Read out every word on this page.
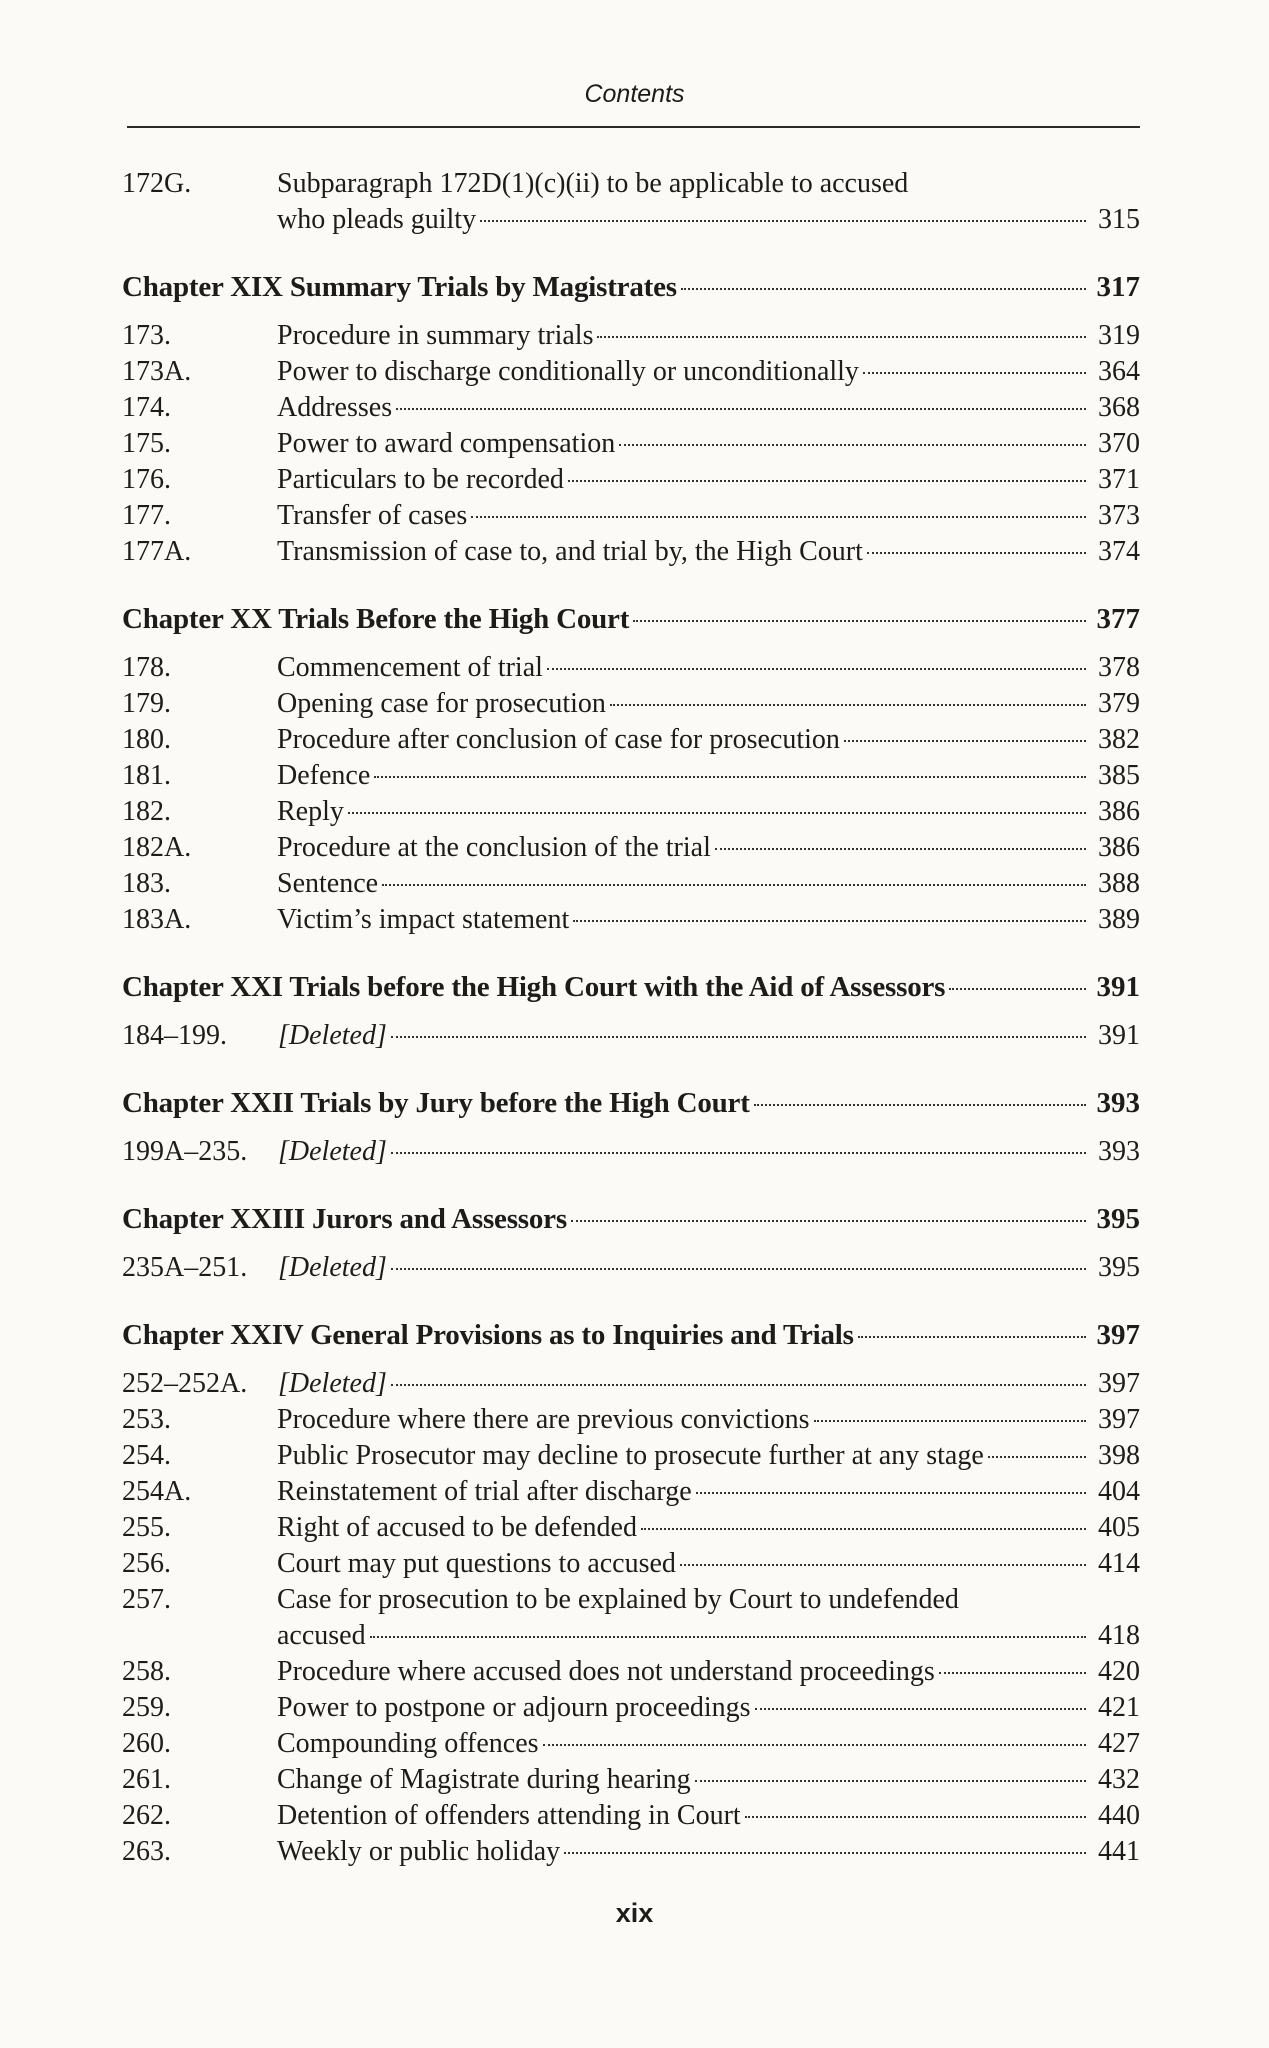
Contents
172G.	Subparagraph 172D(1)(c)(ii) to be applicable to accused
who pleads guilty	315
Chapter XIX Summary Trials by Magistrates	317
173.	Procedure in summary trials	319
173A.	Power to discharge conditionally or unconditionally	364
174.	Addresses	368
175.	Power to award compensation	370
176.	Particulars to be recorded	371
177.	Transfer of cases	373
177A.	Transmission of case to, and trial by, the High Court	374
Chapter XX Trials Before the High Court	377
178.	Commencement of trial	378
179.	Opening case for prosecution	379
180.	Procedure after conclusion of case for prosecution	382
181.	Defence	385
182.	Reply	386
182A.	Procedure at the conclusion of the trial	386
183.	Sentence	388
183A.	Victim’s impact statement	389
Chapter XXI Trials before the High Court with the Aid of Assessors	391
184–199.	[Deleted]	391
Chapter XXII Trials by Jury before the High Court	393
199A–235.	[Deleted]	393
Chapter XXIII Jurors and Assessors	395
235A–251.	[Deleted]	395
Chapter XXIV General Provisions as to Inquiries and Trials	397
252–252A.	[Deleted]	397
253.	Procedure where there are previous convictions	397
254.	Public Prosecutor may decline to prosecute further at any stage	398
254A.	Reinstatement of trial after discharge	404
255.	Right of accused to be defended	405
256.	Court may put questions to accused	414
257.	Case for prosecution to be explained by Court to undefended
accused	418
258.	Procedure where accused does not understand proceedings	420
259.	Power to postpone or adjourn proceedings	421
260.	Compounding offences	427
261.	Change of Magistrate during hearing	432
262.	Detention of offenders attending in Court	440
263.	Weekly or public holiday	441
xix
